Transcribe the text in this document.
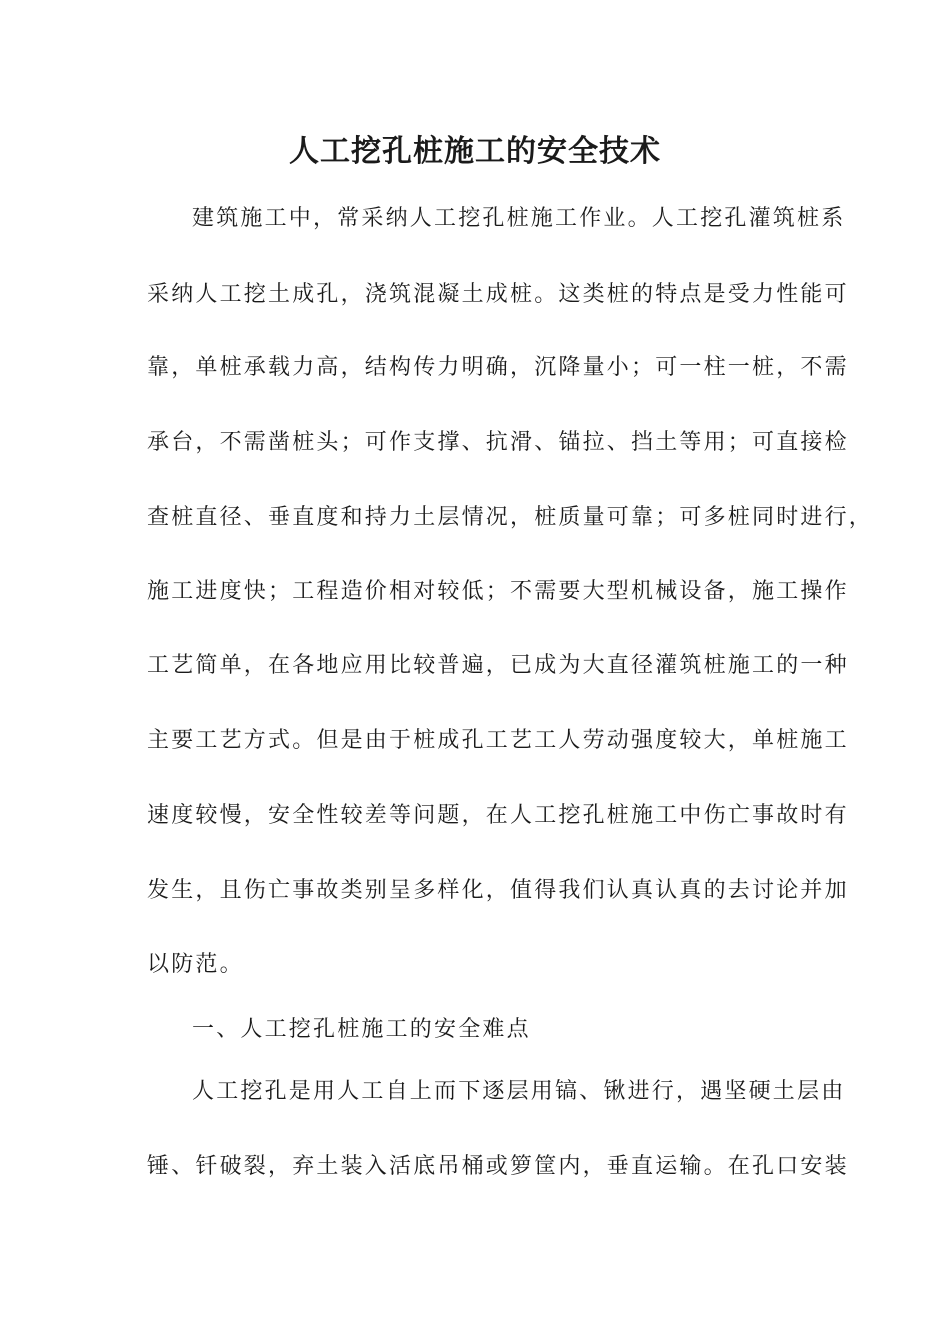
人工挖孔桩施工的安全技术
建筑施工中，常采纳人工挖孔桩施工作业。人工挖孔灌筑桩系
采纳人工挖土成孔，浇筑混凝土成桩。这类桩的特点是受力性能可
靠，单桩承载力高，结构传力明确，沉降量小；可一柱一桩，不需
承台，不需凿桩头；可作支撑、抗滑、锚拉、挡土等用；可直接检
查桩直径、垂直度和持力土层情况，桩质量可靠；可多桩同时进行，
施工进度快；工程造价相对较低；不需要大型机械设备，施工操作
工艺简单，在各地应用比较普遍，已成为大直径灌筑桩施工的一种
主要工艺方式。但是由于桩成孔工艺工人劳动强度较大，单桩施工
速度较慢，安全性较差等问题，在人工挖孔桩施工中伤亡事故时有
发生，且伤亡事故类别呈多样化，值得我们认真认真的去讨论并加
以防范。
一、人工挖孔桩施工的安全难点
人工挖孔是用人工自上而下逐层用镐、锹进行，遇坚硬土层由
锤、钎破裂，弃土装入活底吊桶或箩筐内，垂直运输。在孔口安装
